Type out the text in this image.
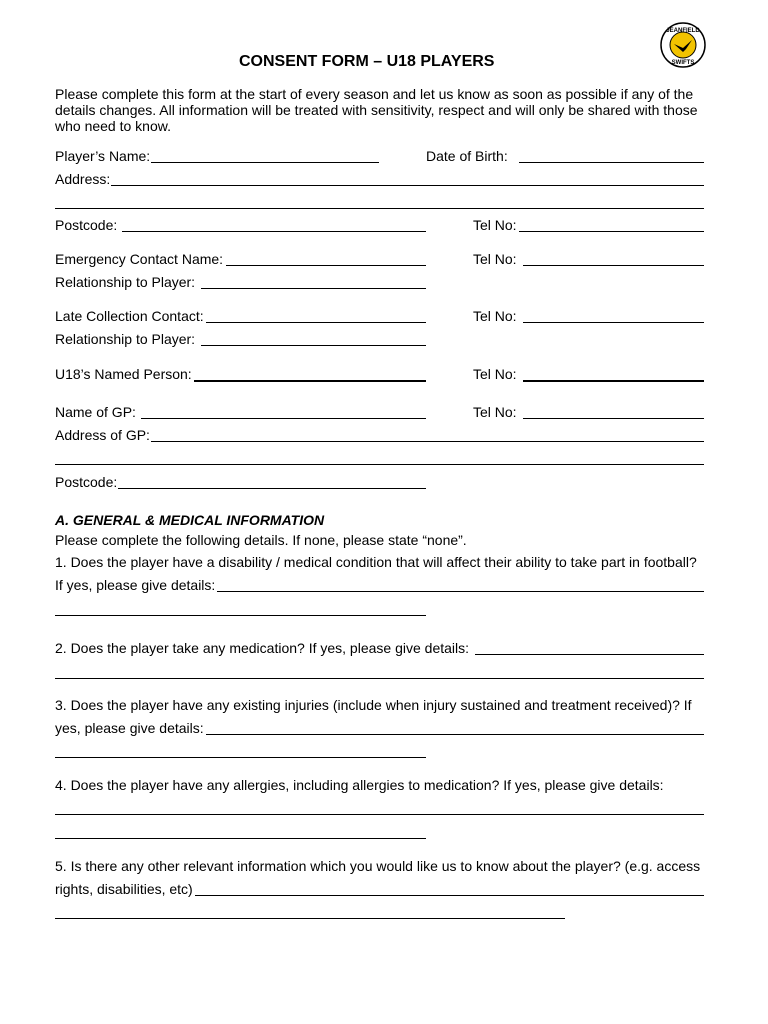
JEANFIELD
SWIFTS
CONSENT FORM – U18 PLAYERS
Please complete this form at the start of every season and let us know as soon as possible if any of the
details changes. All information will be treated with sensitivity, respect and will only be shared with those
who need to know.
Player’s Name:	Date of Birth:
Address:
Postcode:	Tel No:
Emergency Contact Name:	Tel No:
Relationship to Player:
Late Collection Contact:	Tel No:
Relationship to Player:
U18’s Named Person:	Tel No:
Name of GP:	Tel No:
Address of GP:
Postcode:
A. GENERAL & MEDICAL INFORMATION
Please complete the following details. If none, please state “none”.
1. Does the player have a disability / medical condition that will affect their ability to take part in football?
If yes, please give details:
2. Does the player take any medication? If yes, please give details:
3. Does the player have any existing injuries (include when injury sustained and treatment received)? If
yes, please give details:
4. Does the player have any allergies, including allergies to medication? If yes, please give details:
5. Is there any other relevant information which you would like us to know about the player? (e.g. access
rights, disabilities, etc)
